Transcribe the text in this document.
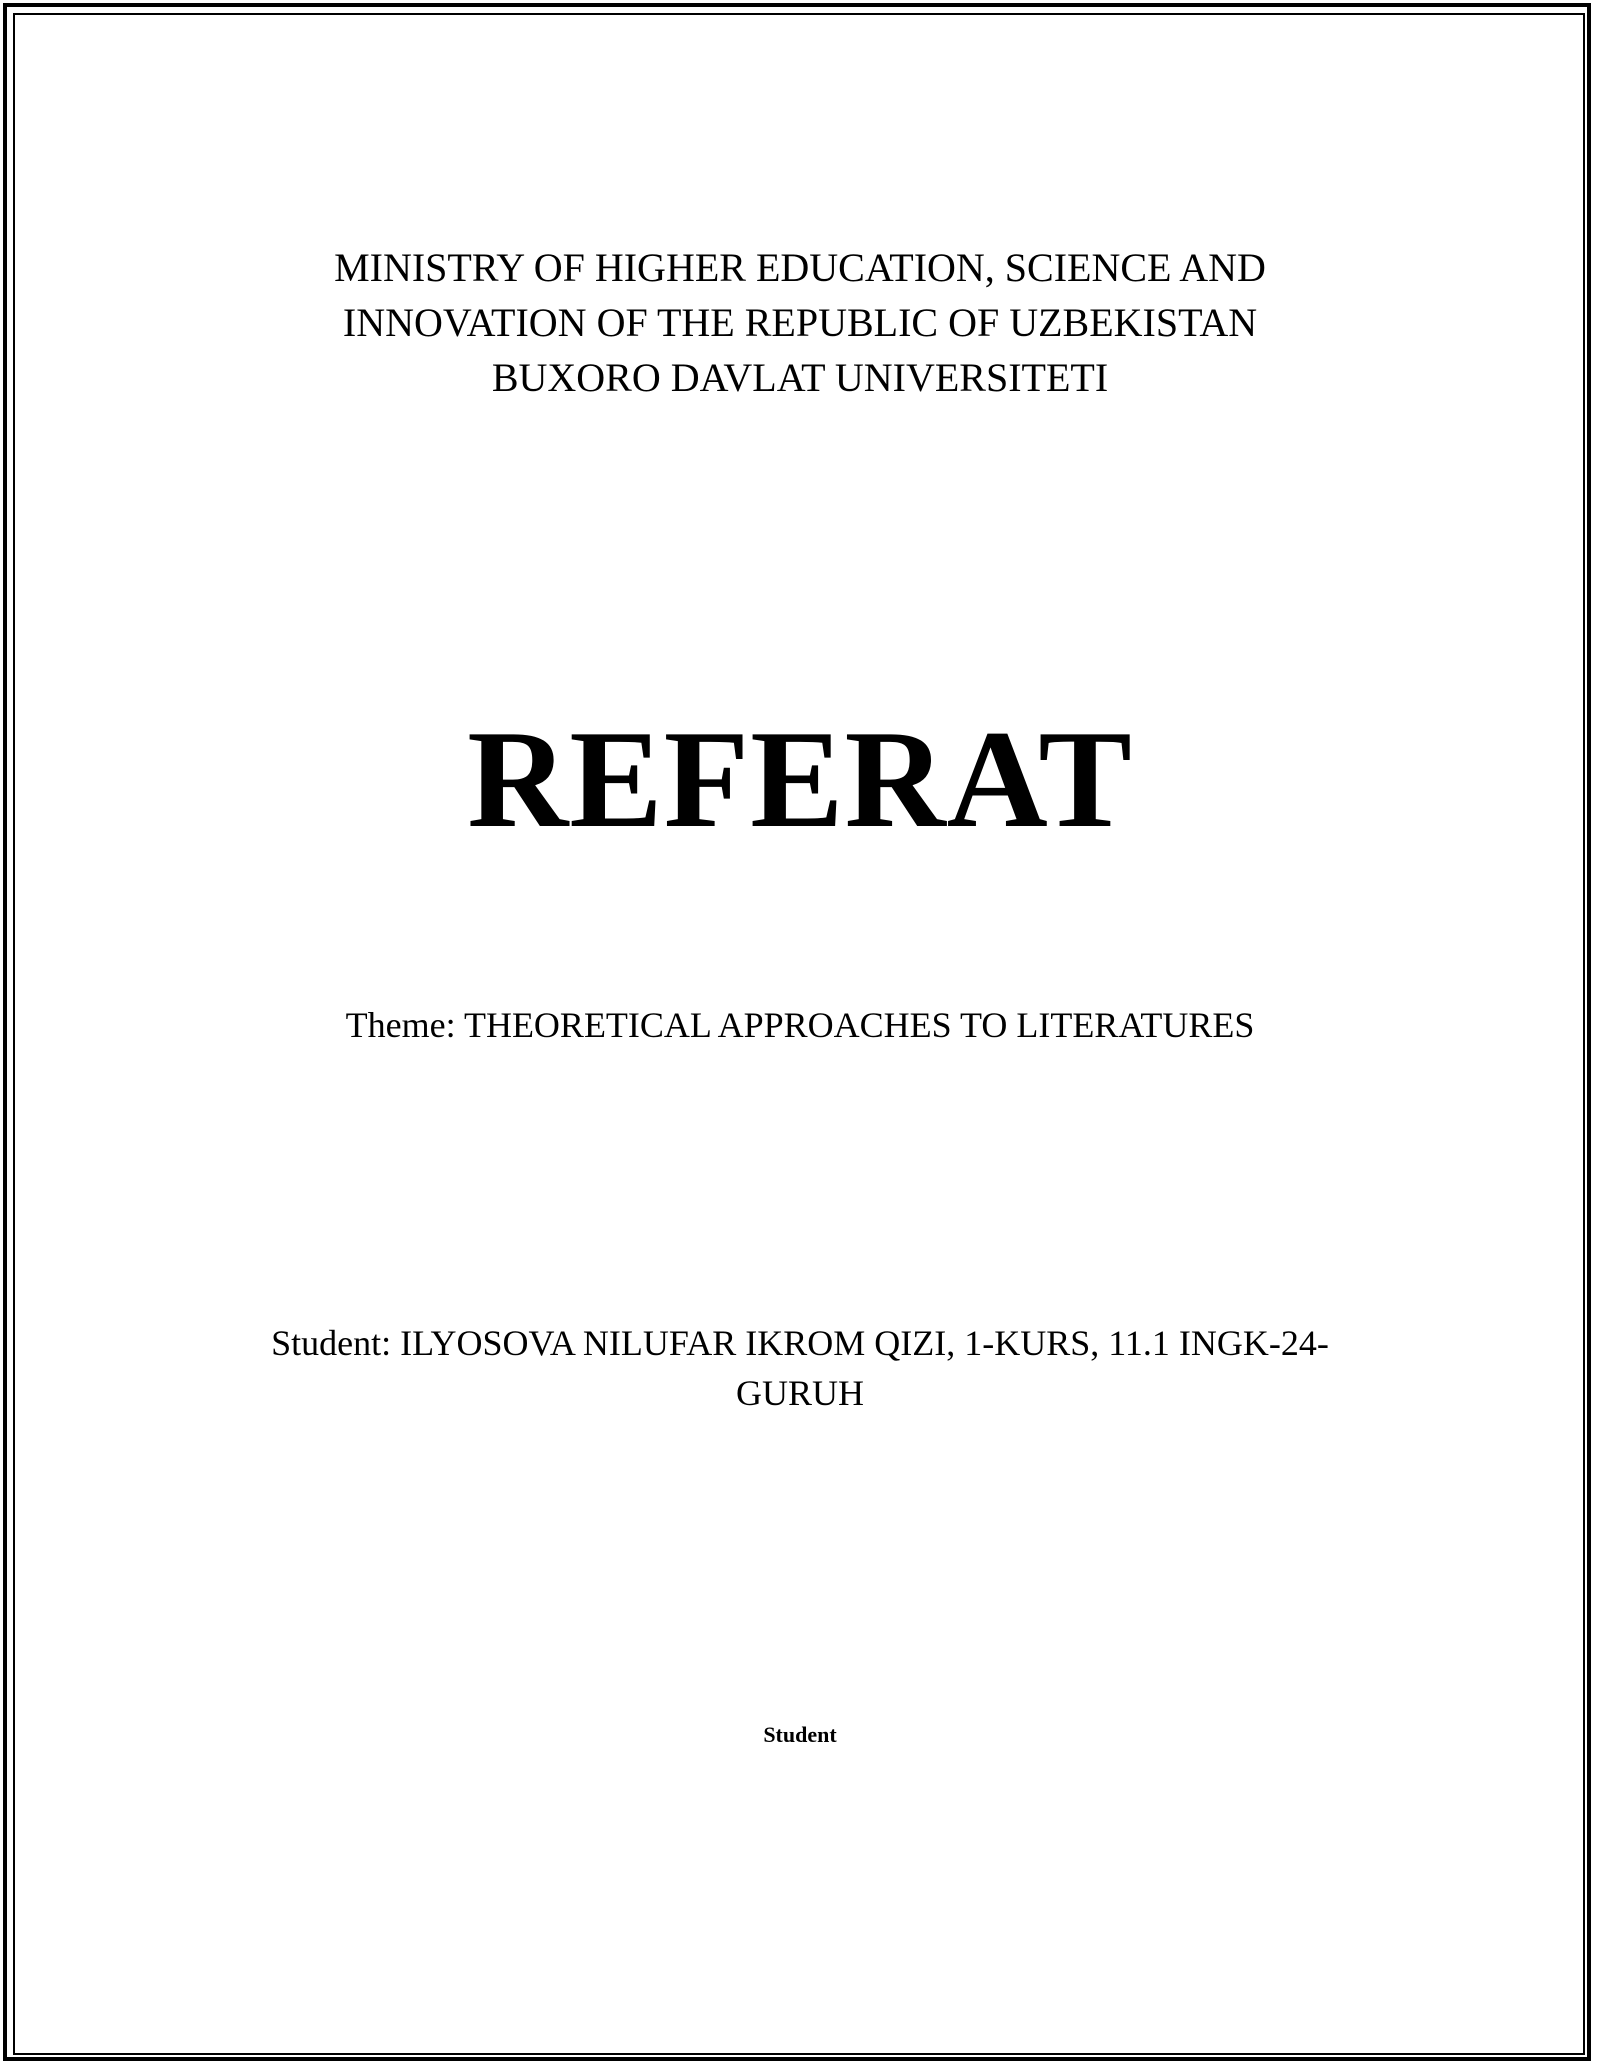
MINISTRY OF HIGHER EDUCATION, SCIENCE AND
INNOVATION OF THE REPUBLIC OF UZBEKISTAN
BUXORO DAVLAT UNIVERSITETI
REFERAT
Theme: THEORETICAL APPROACHES TO LITERATURES
Student: ILYOSOVA NILUFAR IKROM QIZI, 1-KURS, 11.1 INGK-24-
GURUH
Student
